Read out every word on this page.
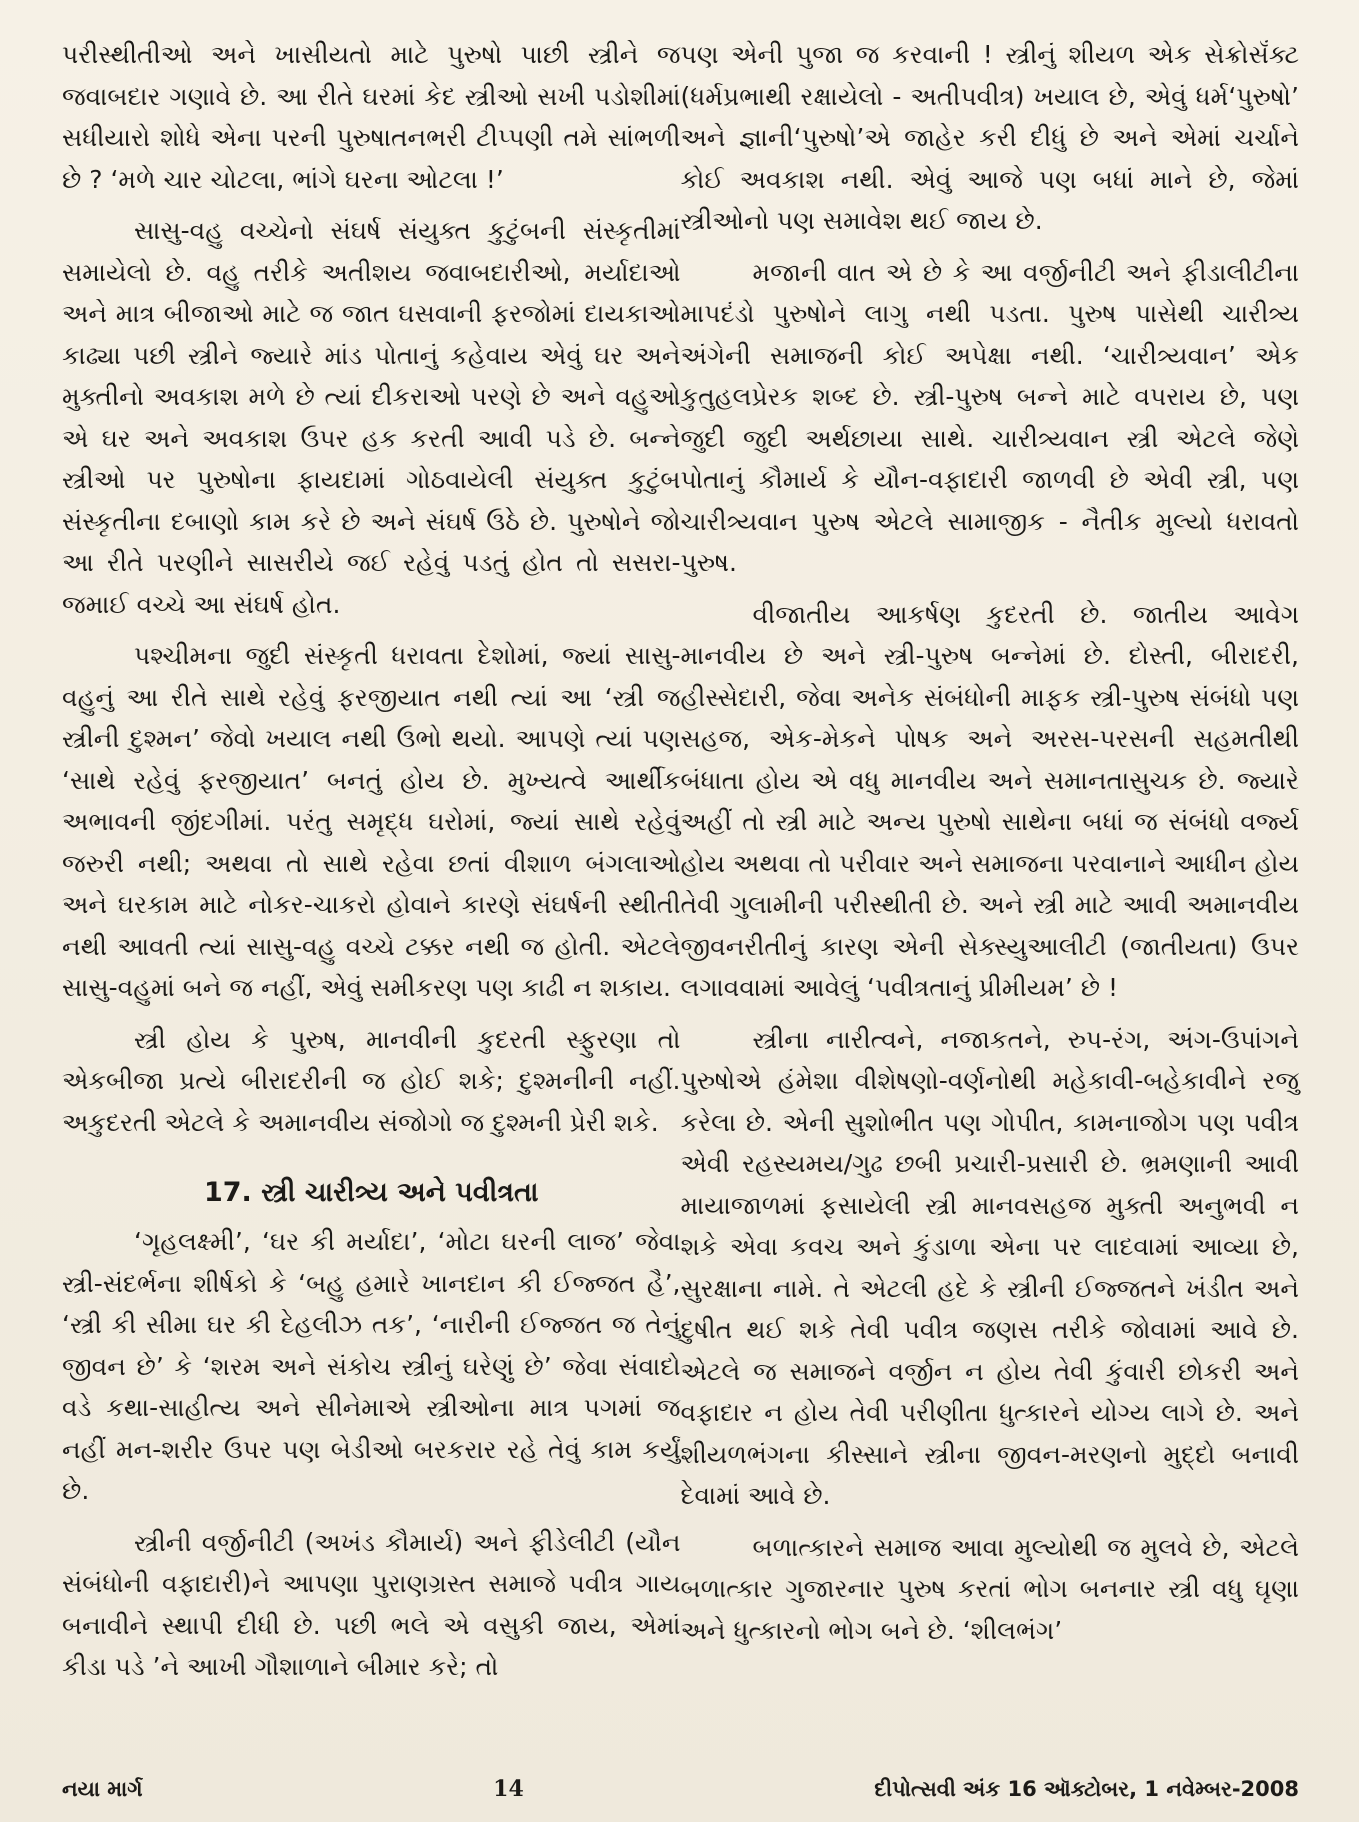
પરીસ્થીતીઓ અને ખાસીયતો માટે પુરુષો પાછી સ્ત્રીને જ જવાબદાર ગણાવે છે. આ રીતે ઘરમાં કેદ સ્ત્રીઓ સખી પડોશીમાં સધીયારો શોધે એના પરની પુરુષાતનભરી ટીપ્પણી તમે સાંભળી છે ? ‘મળે ચાર ચોટલા, ભાંગે ઘરના ઓટલા !’

સાસુ-વહુ વચ્ચેનો સંઘર્ષ સંયુક્ત કુટુંબની સંસ્કૃતીમાં સમાયેલો છે. વહુ તરીકે અતીશય જવાબદારીઓ, મર્યાદાઓ અને માત્ર બીજાઓ માટે જ જાત ઘસવાની ફરજોમાં દાયકાઓ કાઢ્યા પછી સ્ત્રીને જ્યારે માંડ પોતાનું કહેવાય એવું ઘર અને મુક્તીનો અવકાશ મળે છે ત્યાં દીકરાઓ પરણે છે અને વહુઓ એ ઘર અને અવકાશ ઉપર હક કરતી આવી પડે છે. બન્ને સ્ત્રીઓ પર પુરુષોના ફાયદામાં ગોઠવાયેલી સંયુક્ત કુટુંબ સંસ્કૃતીના દબાણો કામ કરે છે અને સંઘર્ષ ઉઠે છે. પુરુષોને જો આ રીતે પરણીને સાસરીયે જઈ રહેવું પડતું હોત તો સસરા- જમાઈ વચ્ચે આ સંઘર્ષ હોત.

પશ્ચીમના જુદી સંસ્કૃતી ધરાવતા દેશોમાં, જ્યાં સાસુ-વહુનું આ રીતે સાથે રહેવું ફરજીયાત નથી ત્યાં આ ‘સ્ત્રી જ સ્ત્રીની દુશ્મન’ જેવો ખયાલ નથી ઉભો થયો. આપણે ત્યાં પણ ‘સાથે રહેવું ફરજીયાત’ બનતું હોય છે. મુખ્યત્વે આર્થીક અભાવની જીંદગીમાં. પરંતુ સમૃદ્ધ ઘરોમાં, જ્યાં સાથે રહેવું જરુરી નથી; અથવા તો સાથે રહેવા છતાં વીશાળ બંગલાઓ અને ઘરકામ માટે નોકર-ચાકરો હોવાને કારણે સંઘર્ષની સ્થીતી નથી આવતી ત્યાં સાસુ-વહુ વચ્ચે ટક્કર નથી જ હોતી. એટલે સાસુ-વહુમાં બને જ નહીં, એવું સમીકરણ પણ કાઢી ન શકાય.

સ્ત્રી હોય કે પુરુષ, માનવીની કુદરતી સ્ફુરણા તો એકબીજા પ્રત્યે બીરાદરીની જ હોઈ શકે; દુશ્મનીની નહીં. અકુદરતી એટલે કે અમાનવીય સંજોગો જ દુશ્મની પ્રેરી શકે.

17. સ્ત્રી ચારીત્ર્ય અને પવીત્રતા

‘ગૃહલક્ષ્મી’, ‘ઘર કી મર્યાદા’, ‘મોટા ઘરની લાજ’ જેવા સ્ત્રી-સંદર્ભના શીર્ષકો કે ‘બહુ હમારે ખાનદાન કી ઈજ્જત હૈ’, ‘સ્ત્રી કી સીમા ઘર કી દેહલીઝ તક’, ‘નારીની ઈજ્જત જ તેનું જીવન છે’ કે ‘શરમ અને સંકોચ સ્ત્રીનું ઘરેણું છે’ જેવા સંવાદો વડે કથા-સાહીત્ય અને સીનેમાએ સ્ત્રીઓના માત્ર પગમાં જ નહીં મન-શરીર ઉપર પણ બેડીઓ બરકરાર રહે તેવું કામ કર્યું છે.

સ્ત્રીની વર્જીનીટી (અખંડ કૌમાર્ય) અને ફીડેલીટી (યૌન સંબંધોની વફાદારી)ને આપણા પુરાણગ્રસ્ત સમાજે પવીત્ર ગાય બનાવીને સ્થાપી દીધી છે. પછી ભલે એ વસુકી જાય, એમાં કીડા પડે ’ને આખી ગૌશાળાને બીમાર કરે; તો

પણ એની પુજા જ કરવાની ! સ્ત્રીનું શીયળ એક સેક્રોસૅંક્ટ (ધર્મપ્રભાથી રક્ષાયેલો - અતીપવીત્ર) ખયાલ છે, એવું ધર્મ‘પુરુષો’ અને જ્ઞાની‘પુરુષો’એ જાહેર કરી દીધું છે અને એમાં ચર્ચાને કોઈ અવકાશ નથી. એવું આજે પણ બધાં માને છે, જેમાં સ્ત્રીઓનો પણ સમાવેશ થઈ જાય છે.

મજાની વાત એ છે કે આ વર્જીનીટી અને ફીડાલીટીના માપદંડો પુરુષોને લાગુ નથી પડતા. પુરુષ પાસેથી ચારીત્ર્ય અંગેની સમાજની કોઈ અપેક્ષા નથી. ‘ચારીત્ર્યવાન’ એક કુતુહલપ્રેરક શબ્દ છે. સ્ત્રી-પુરુષ બન્ને માટે વપરાય છે, પણ જુદી જુદી અર્થછાયા સાથે. ચારીત્ર્યવાન સ્ત્રી એટલે જેણે પોતાનું કૌમાર્ય કે યૌન-વફાદારી જાળવી છે એવી સ્ત્રી, પણ ચારીત્ર્યવાન પુરુષ એટલે સામાજીક - નૈતીક મુલ્યો ધરાવતો પુરુષ.

વીજાતીય આકર્ષણ કુદરતી છે. જાતીય આવેગ માનવીય છે અને સ્ત્રી-પુરુષ બન્નેમાં છે. દોસ્તી, બીરાદરી, હીસ્સેદારી, જેવા અનેક સંબંધોની માફક સ્ત્રી-પુરુષ સંબંધો પણ સહજ, એક-મેકને પોષક અને અરસ-પરસની સહમતીથી બંધાતા હોય એ વધુ માનવીય અને સમાનતાસુચક છે. જ્યારે અહીં તો સ્ત્રી માટે અન્ય પુરુષો સાથેના બધાં જ સંબંધો વર્જ્ય હોય અથવા તો પરીવાર અને સમાજના પરવાનાને આધીન હોય તેવી ગુલામીની પરીસ્થીતી છે. અને સ્ત્રી માટે આવી અમાનવીય જીવનરીતીનું કારણ એની સેક્સ્યુઆલીટી (જાતીયતા) ઉપર લગાવવામાં આવેલું ‘પવીત્રતાનું પ્રીમીયમ’ છે !

સ્ત્રીના નારીત્વને, નજાકતને, રુપ-રંગ, અંગ-ઉપાંગને પુરુષોએ હંમેશા વીશેષણો-વર્ણનોથી મહેકાવી-બહેકાવીને રજુ કરેલા છે. એની સુશોભીત પણ ગોપીત, કામનાજોગ પણ પવીત્ર એવી રહસ્યમય/ગુઢ છબી પ્રચારી-પ્રસારી છે. ભ્રમણાની આવી માયાજાળમાં ફસાયેલી સ્ત્રી માનવસહજ મુક્તી અનુભવી ન શકે એવા કવચ અને કુંડાળા એના પર લાદવામાં આવ્યા છે, સુરક્ષાના નામે. તે એટલી હદે કે સ્ત્રીની ઈજ્જતને ખંડીત અને દુષીત થઈ શકે તેવી પવીત્ર જણસ તરીકે જોવામાં આવે છે. એટલે જ સમાજને વર્જીન ન હોય તેવી કુંવારી છોકરી અને વફાદાર ન હોય તેવી પરીણીતા ધુત્કારને યોગ્ય લાગે છે. અને શીયળભંગના કીસ્સાને સ્ત્રીના જીવન-મરણનો મુદ્દો બનાવી દેવામાં આવે છે.

બળાત્કારને સમાજ આવા મુલ્યોથી જ મુલવે છે, એટલે બળાત્કાર ગુજારનાર પુરુષ કરતાં ભોગ બનનાર સ્ત્રી વધુ ઘૃણા અને ધુત્કારનો ભોગ બને છે. ‘શીલભંગ’

નયા માર્ગ	14	દીપોત્સવી અંક 16 ઑક્ટોબર, 1 નવેમ્બર-2008
